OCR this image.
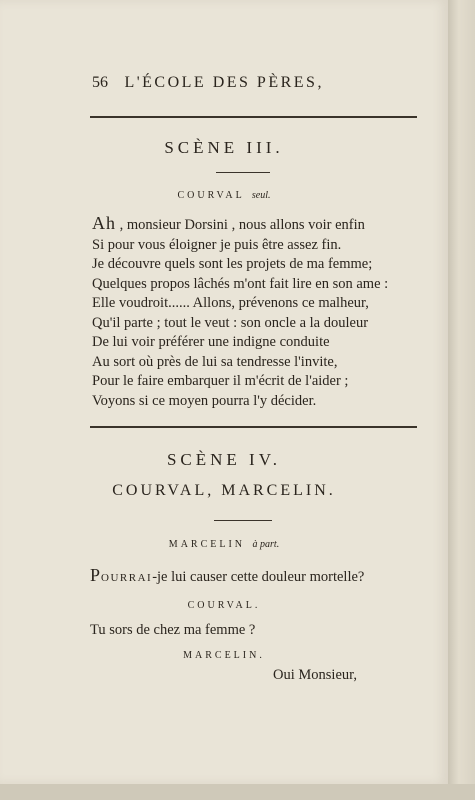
56 L'ÉCOLE DES PÈRES,
SCÈNE III.
COURVAL seul.
Ah , monsieur Dorsini , nous allons voir enfin
Si pour vous éloigner je puis être assez fin.
Je découvre quels sont les projets de ma femme;
Quelques propos lâchés m'ont fait lire en son ame :
Elle voudroit...... Allons, prévenons ce malheur,
Qu'il parte ; tout le veut : son oncle a la douleur
De lui voir préférer une indigne conduite
Au sort où près de lui sa tendresse l'invite,
Pour le faire embarquer il m'écrit de l'aider ;
Voyons si ce moyen pourra l'y décider.
SCÈNE IV.
COURVAL, MARCELIN.
MARCELIN à part.
POURRAI-je lui causer cette douleur mortelle?
COURVAL.
Tu sors de chez ma femme ?
MARCELIN.
Oui Monsieur,
